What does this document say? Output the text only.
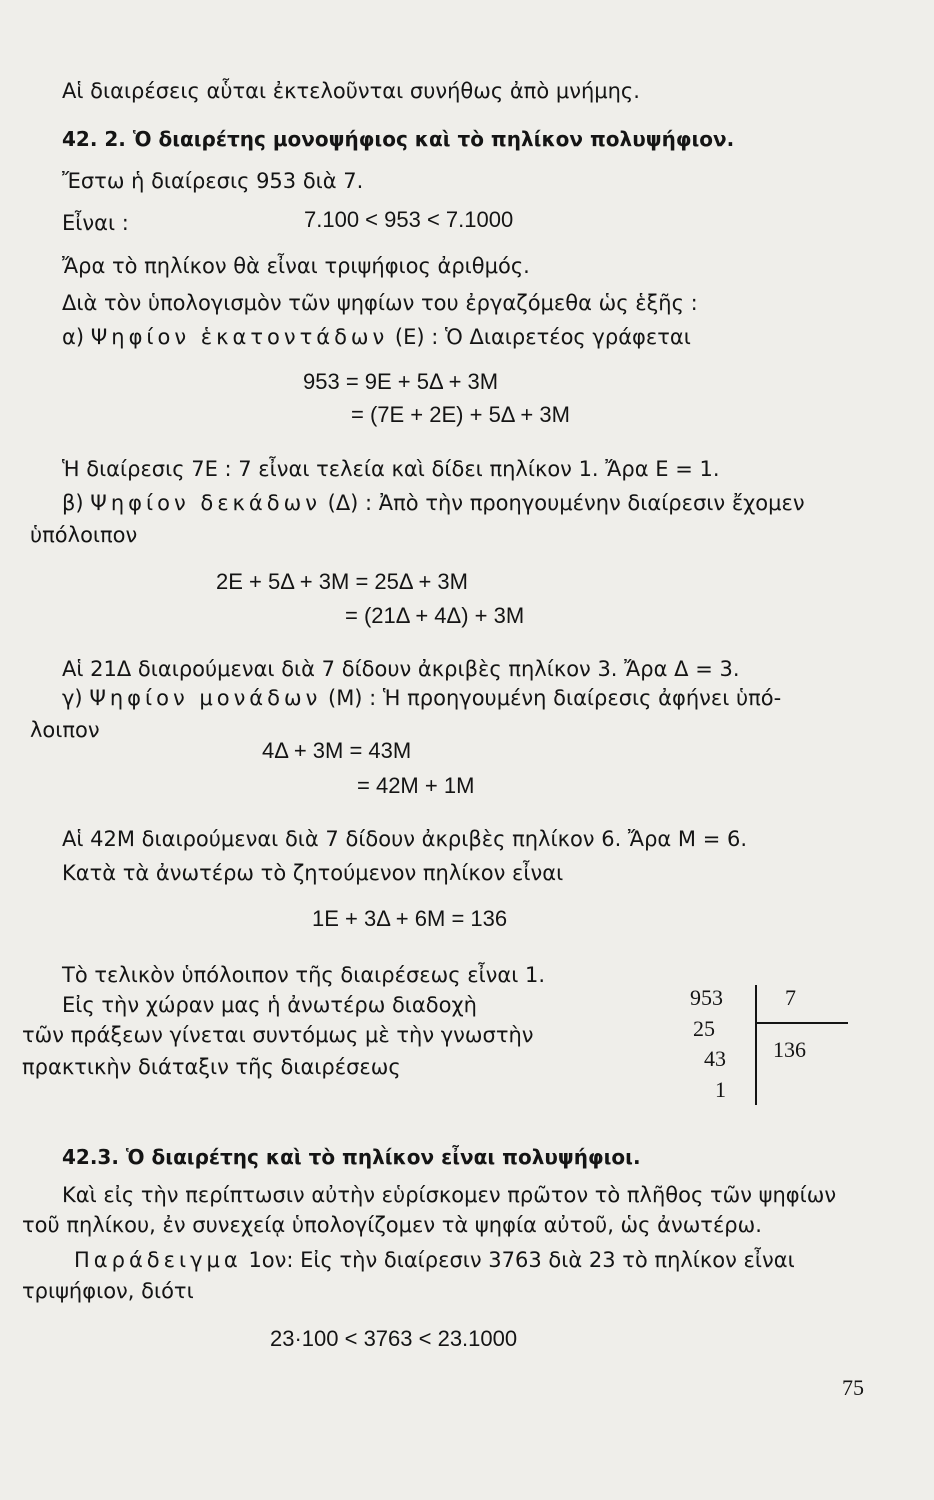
Αἱ διαιρέσεις αὗται ἐκτελοῦνται συνήθως ἀπὸ μνήμης.
42. 2. Ὁ διαιρέτης μονοψήφιος καὶ τὸ πηλίκον πολυψήφιον.
Ἔστω ἡ διαίρεσις 953 διὰ 7.
Εἶναι :	7.100 < 953 < 7.1000
Ἄρα τὸ πηλίκον θὰ εἶναι τριψήφιος ἀριθμός.
Διὰ τὸν ὑπολογισμὸν τῶν ψηφίων του ἐργαζόμεθα ὡς ἑξῆς :
α) Ψηφίον ἑκατοντάδων (Ε) : Ὁ Διαιρετέος γράφεται
953 = 9Ε + 5Δ + 3Μ
= (7Ε + 2Ε) + 5Δ + 3Μ
Ἡ διαίρεσις 7Ε : 7 εἶναι τελεία καὶ δίδει πηλίκον 1. Ἄρα Ε = 1.
β) Ψηφίον δεκάδων (Δ) : Ἀπὸ τὴν προηγουμένην διαίρεσιν ἔχομεν
ὑπόλοιπον
2Ε + 5Δ + 3Μ = 25Δ + 3Μ
= (21Δ + 4Δ) + 3Μ
Αἱ 21Δ διαιρούμεναι διὰ 7 δίδουν ἀκριβὲς πηλίκον 3. Ἄρα Δ = 3.
γ) Ψηφίον μονάδων (Μ) : Ἡ προηγουμένη διαίρεσις ἀφήνει ὑπό-
λοιπον
4Δ + 3Μ = 43Μ
= 42Μ + 1Μ
Αἱ 42Μ διαιρούμεναι διὰ 7 δίδουν ἀκριβὲς πηλίκον 6. Ἄρα Μ = 6.
Κατὰ τὰ ἀνωτέρω τὸ ζητούμενον πηλίκον εἶναι
1Ε + 3Δ + 6Μ = 136
Τὸ τελικὸν ὑπόλοιπον τῆς διαιρέσεως εἶναι 1.
Εἰς τὴν χώραν μας ἡ ἀνωτέρω διαδοχὴ
τῶν πράξεων γίνεται συντόμως μὲ τὴν γνωστὴν
πρακτικὴν διάταξιν τῆς διαιρέσεως
953	7
25
43
1
136
42.3. Ὁ διαιρέτης καὶ τὸ πηλίκον εἶναι πολυψήφιοι.
Καὶ εἰς τὴν περίπτωσιν αὐτὴν εὑρίσκομεν πρῶτον τὸ πλῆθος τῶν ψηφίων
τοῦ πηλίκου, ἐν συνεχείᾳ ὑπολογίζομεν τὰ ψηφία αὐτοῦ, ὡς ἀνωτέρω.
Παράδειγμα 1ον: Εἰς τὴν διαίρεσιν 3763 διὰ 23 τὸ πηλίκον εἶναι
τριψήφιον, διότι
23·100 < 3763 < 23.1000
75
